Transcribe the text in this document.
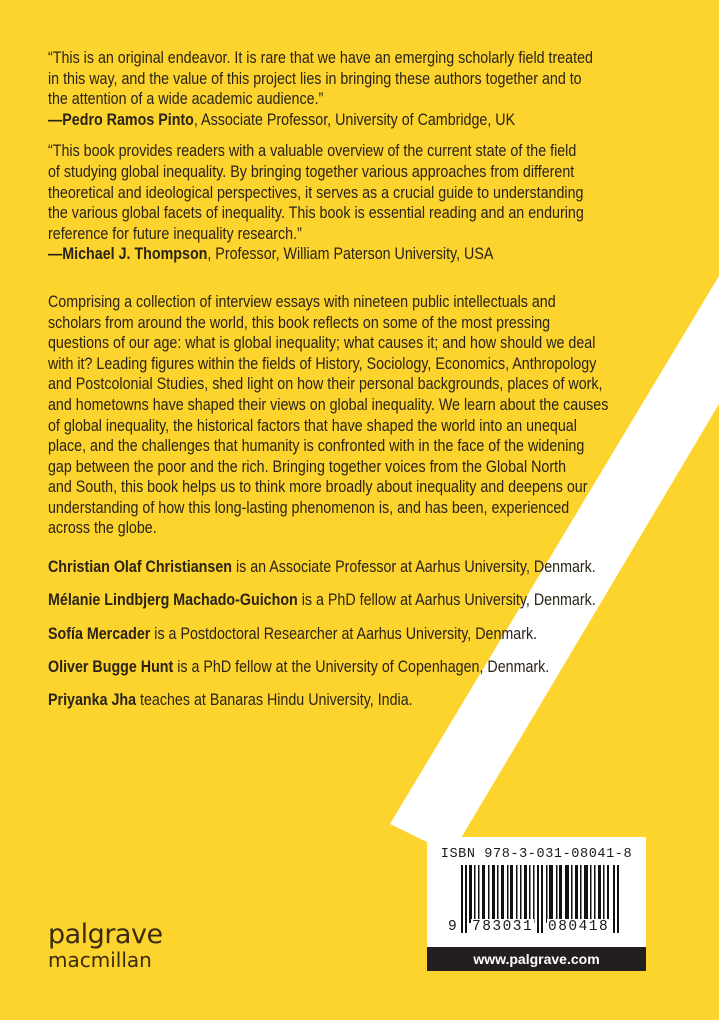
“This is an original endeavor. It is rare that we have an emerging scholarly field treated
in this way, and the value of this project lies in bringing these authors together and to
the attention of a wide academic audience.”
—Pedro Ramos Pinto, Associate Professor, University of Cambridge, UK
“This book provides readers with a valuable overview of the current state of the field
of studying global inequality. By bringing together various approaches from different
theoretical and ideological perspectives, it serves as a crucial guide to understanding
the various global facets of inequality. This book is essential reading and an enduring
reference for future inequality research.”
—Michael J. Thompson, Professor, William Paterson University, USA
Comprising a collection of interview essays with nineteen public intellectuals and
scholars from around the world, this book reflects on some of the most pressing
questions of our age: what is global inequality; what causes it; and how should we deal
with it? Leading figures within the fields of History, Sociology, Economics, Anthropology
and Postcolonial Studies, shed light on how their personal backgrounds, places of work,
and hometowns have shaped their views on global inequality. We learn about the causes
of global inequality, the historical factors that have shaped the world into an unequal
place, and the challenges that humanity is confronted with in the face of the widening
gap between the poor and the rich. Bringing together voices from the Global North
and South, this book helps us to think more broadly about inequality and deepens our
understanding of how this long-lasting phenomenon is, and has been, experienced
across the globe.
Christian Olaf Christiansen is an Associate Professor at Aarhus University, Denmark.
Mélanie Lindbjerg Machado-Guichon is a PhD fellow at Aarhus University, Denmark.
Sofía Mercader is a Postdoctoral Researcher at Aarhus University, Denmark.
Oliver Bugge Hunt is a PhD fellow at the University of Copenhagen, Denmark.
Priyanka Jha teaches at Banaras Hindu University, India.
ISBN 978-3-031-08041-8
9 783031 080418
www.palgrave.com
palgrave
macmillan
